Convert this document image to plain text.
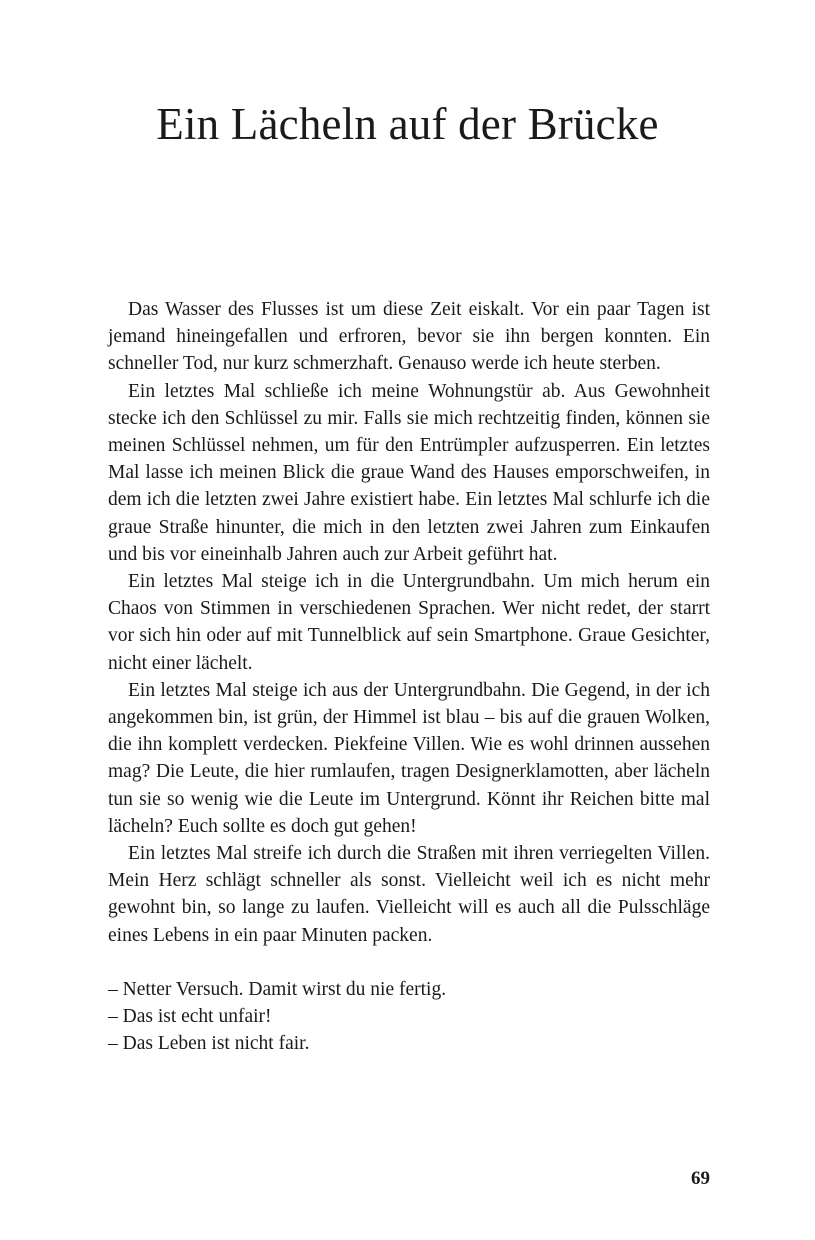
Ein Lächeln auf der Brücke

Das Wasser des Flusses ist um diese Zeit eiskalt. Vor ein paar Tagen ist jemand hineingefallen und erfroren, bevor sie ihn bergen konnten. Ein schneller Tod, nur kurz schmerzhaft. Genauso werde ich heute sterben.

Ein letztes Mal schließe ich meine Wohnungstür ab. Aus Gewohnheit stecke ich den Schlüssel zu mir. Falls sie mich rechtzeitig finden, können sie meinen Schlüssel nehmen, um für den Entrümpler aufzusperren. Ein letztes Mal lasse ich meinen Blick die graue Wand des Hauses emporschweifen, in dem ich die letzten zwei Jahre existiert habe. Ein letztes Mal schlurfe ich die graue Straße hinunter, die mich in den letzten zwei Jahren zum Einkaufen und bis vor eineinhalb Jahren auch zur Arbeit geführt hat.

Ein letztes Mal steige ich in die Untergrundbahn. Um mich herum ein Chaos von Stimmen in verschiedenen Sprachen. Wer nicht redet, der starrt vor sich hin oder auf mit Tunnelblick auf sein Smartphone. Graue Gesichter, nicht einer lächelt.

Ein letztes Mal steige ich aus der Untergrundbahn. Die Gegend, in der ich angekommen bin, ist grün, der Himmel ist blau – bis auf die grauen Wolken, die ihn komplett verdecken. Piekfeine Villen. Wie es wohl drinnen aussehen mag? Die Leute, die hier rumlaufen, tragen Designerklamotten, aber lächeln tun sie so wenig wie die Leute im Untergrund. Könnt ihr Reichen bitte mal lächeln? Euch sollte es doch gut gehen!

Ein letztes Mal streife ich durch die Straßen mit ihren verriegelten Villen. Mein Herz schlägt schneller als sonst. Vielleicht weil ich es nicht mehr gewohnt bin, so lange zu laufen. Vielleicht will es auch all die Pulsschläge eines Lebens in ein paar Minuten packen.

– Netter Versuch. Damit wirst du nie fertig.

– Das ist echt unfair!

– Das Leben ist nicht fair.

69
